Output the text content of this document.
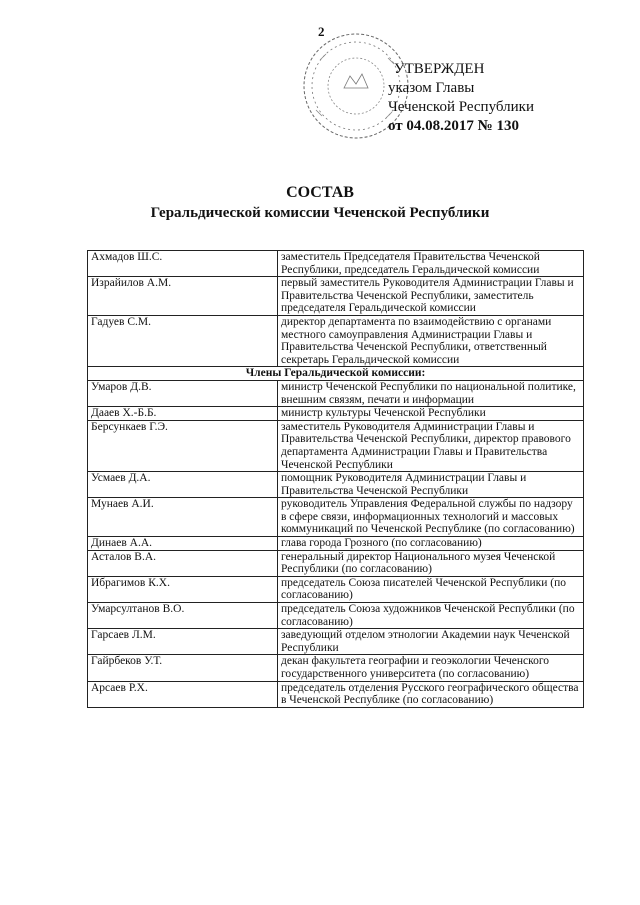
2
УТВЕРЖДЕН
указом Главы
Чеченской Республики
от 04.08.2017 № 130
СОСТАВ
Геральдической комиссии Чеченской Республики
Ахмадов Ш.С.	заместитель Председателя Правительства Чеченской Республики, председатель Геральдической комиссии
Израйилов А.М.	первый заместитель Руководителя Администрации Главы и Правительства Чеченской Республики, заместитель председателя Геральдической комиссии
Гадуев С.М.	директор департамента по взаимодействию с органами местного самоуправления Администрации Главы и Правительства Чеченской Республики, ответственный секретарь Геральдической комиссии
Члены Геральдической комиссии:	
Умаров Д.В.	министр Чеченской Республики по национальной политике, внешним связям, печати и информации
Дааев Х.-Б.Б.	министр культуры Чеченской Республики
Берсункаев Г.Э.	заместитель Руководителя Администрации Главы и Правительства Чеченской Республики, директор правового департамента Администрации Главы и Правительства Чеченской Республики
Усмаев Д.А.	помощник Руководителя Администрации Главы и Правительства Чеченской Республики
Мунаев А.И.	руководитель Управления Федеральной службы по надзору в сфере связи, информационных технологий и массовых коммуникаций по Чеченской Республике (по согласованию)
Динаев А.А.	глава города Грозного (по согласованию)
Асталов В.А.	генеральный директор Национального музея Чеченской Республики (по согласованию)
Ибрагимов К.Х.	председатель Союза писателей Чеченской Республики (по согласованию)
Умарсултанов В.О.	председатель Союза художников Чеченской Республики (по согласованию)
Гарсаев Л.М.	заведующий отделом этнологии Академии наук Чеченской Республики
Гайрбеков У.Т.	декан факультета географии и геоэкологии Чеченского государственного университета (по согласованию)
Арсаев Р.Х.	председатель отделения Русского географического общества в Чеченской Республике (по согласованию)
